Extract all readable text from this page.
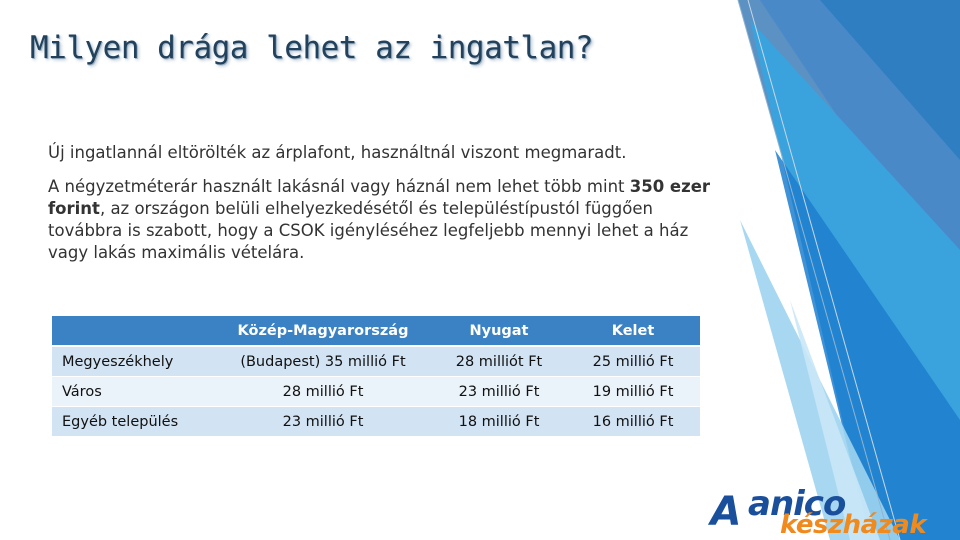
Milyen drága lehet az ingatlan?

Új ingatlannál eltörölték az árplafont, használtnál viszont megmaradt.

A négyzetméterár használt lakásnál vagy háznál nem lehet több mint 350 ezer forint, az országon belüli elhelyezkedésétől és településtípustól függően továbbra is szabott, hogy a CSOK igényléséhez legfeljebb mennyi lehet a ház vagy lakás maximális vételára.

	Közép-Magyarország	Nyugat	Kelet
Megyeszékhely	(Budapest) 35 millió Ft	28 milliót Ft	25 millió Ft
Város	28 millió Ft	23 millió Ft	19 millió Ft
Egyéb település	23 millió Ft	18 millió Ft	16 millió Ft
A anico
készházak
